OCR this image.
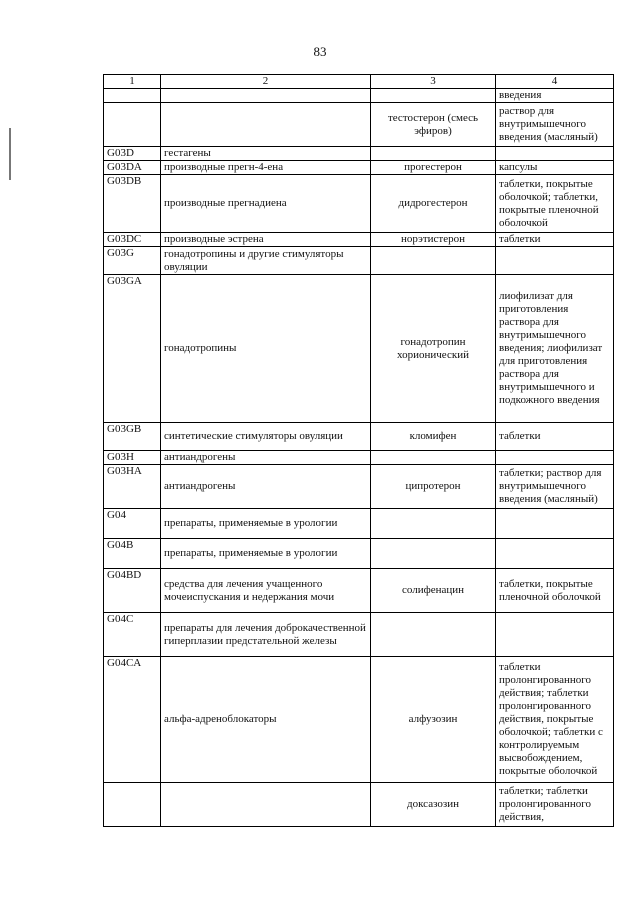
83
1	2	3	4
			введения
		тестостерон (смесь эфиров)	раствор для внутримышечного введения (масляный)
G03D	гестагены		
G03DA	производные прегн-4-ена	прогестерон	капсулы
G03DB	производные прегнадиена	дидрогестерон	таблетки, покрытые оболочкой; таблетки, покрытые пленочной оболочкой
G03DC	производные эстрена	норэтистерон	таблетки
G03G	гонадотропины и другие стимуляторы овуляции		
G03GA	гонадотропины	гонадотропин хорионический	лиофилизат для приготовления раствора для внутримышечного введения; лиофилизат для приготовления раствора для внутримышечного и подкожного введения
G03GB	синтетические стимуляторы овуляции	кломифен	таблетки
G03H	антиандрогены		
G03HA	антиандрогены	ципротерон	таблетки; раствор для внутримышечного введения (масляный)
G04	препараты, применяемые в урологии		
G04B	препараты, применяемые в урологии		
G04BD	средства для лечения учащенного мочеиспускания и недержания мочи	солифенацин	таблетки, покрытые пленочной оболочкой
G04C	препараты для лечения доброкачественной гиперплазии предстательной железы		
G04CA	альфа-адреноблокаторы	алфузозин	таблетки пролонгированного действия; таблетки пролонгированного действия, покрытые оболочкой; таблетки с контролируемым высвобождением, покрытые оболочкой
		доксазозин	таблетки; таблетки пролонгированного действия,
